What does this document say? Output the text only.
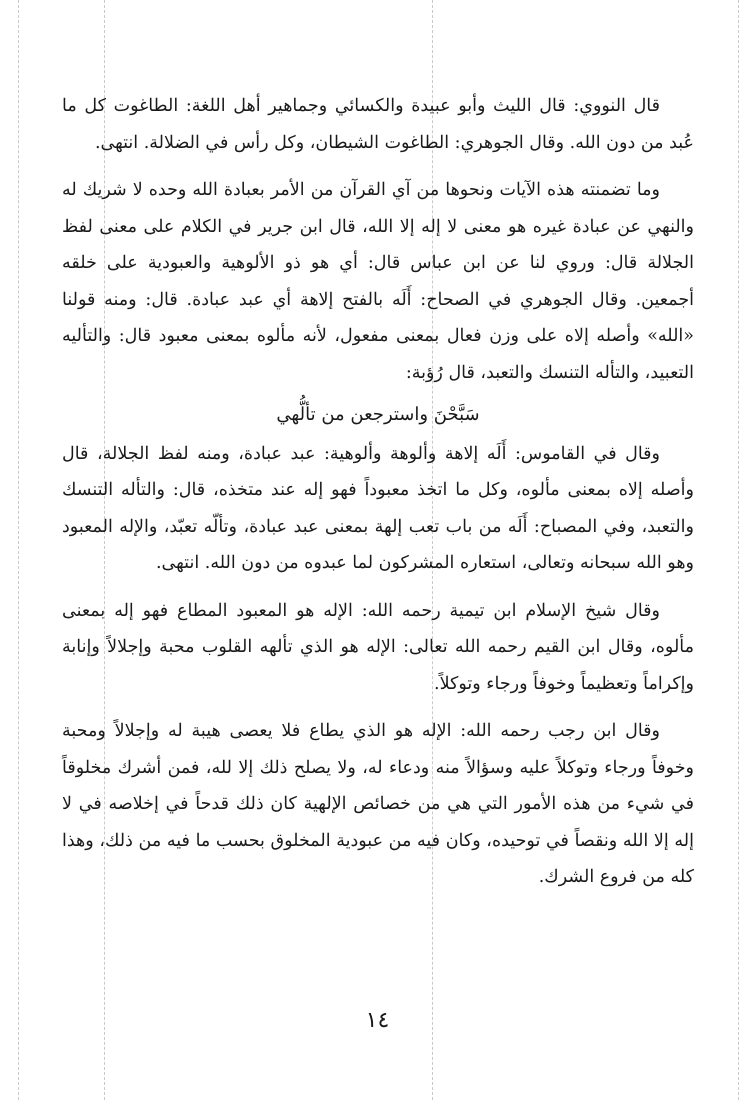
قال النووي: قال الليث وأبو عبيدة والكسائي وجماهير أهل اللغة: الطاغوت كل ما عُبد من دون الله. وقال الجوهري: الطاغوت الشيطان، وكل رأس في الضلالة. انتهى.

وما تضمنته هذه الآيات ونحوها من آي القرآن من الأمر بعبادة الله وحده لا شريك له والنهي عن عبادة غيره هو معنى لا إله إلا الله، قال ابن جرير في الكلام على معنى لفظ الجلالة قال: وروي لنا عن ابن عباس قال: أي هو ذو الألوهية والعبودية على خلقه أجمعين. وقال الجوهري في الصحاح: أَلَه بالفتح إلاهة أي عبد عبادة. قال: ومنه قولنا «الله» وأصله إلاه على وزن فعال بمعنى مفعول، لأنه مألوه بمعنى معبود قال: والتأليه التعبيد، والتأله التنسك والتعبد، قال رُؤبة:

سَبَّحْنَ واسترجعن من تألُّهي

وقال في القاموس: أَلَه إلاهة وألوهة وألوهية: عبد عبادة، ومنه لفظ الجلالة، قال وأصله إلاه بمعنى مألوه، وكل ما اتخذ معبوداً فهو إله عند متخذه، قال: والتأله التنسك والتعبد، وفي المصباح: أَلَه من باب تعب إلهة بمعنى عبد عبادة، وتألّه تعبّد، والإله المعبود وهو الله سبحانه وتعالى، استعاره المشركون لما عبدوه من دون الله. انتهى.

وقال شيخ الإسلام ابن تيمية رحمه الله: الإله هو المعبود المطاع فهو إله بمعنى مألوه، وقال ابن القيم رحمه الله تعالى: الإله هو الذي تألهه القلوب محبة وإجلالاً وإنابة وإكراماً وتعظيماً وخوفاً ورجاء وتوكلاً.

وقال ابن رجب رحمه الله: الإله هو الذي يطاع فلا يعصى هيبة له وإجلالاً ومحبة وخوفاً ورجاء وتوكلاً عليه وسؤالاً منه ودعاء له، ولا يصلح ذلك إلا لله، فمن أشرك مخلوقاً في شيء من هذه الأمور التي هي من خصائص الإلهية كان ذلك قدحاً في إخلاصه في لا إله إلا الله ونقصاً في توحيده، وكان فيه من عبودية المخلوق بحسب ما فيه من ذلك، وهذا كله من فروع الشرك.

١٤
